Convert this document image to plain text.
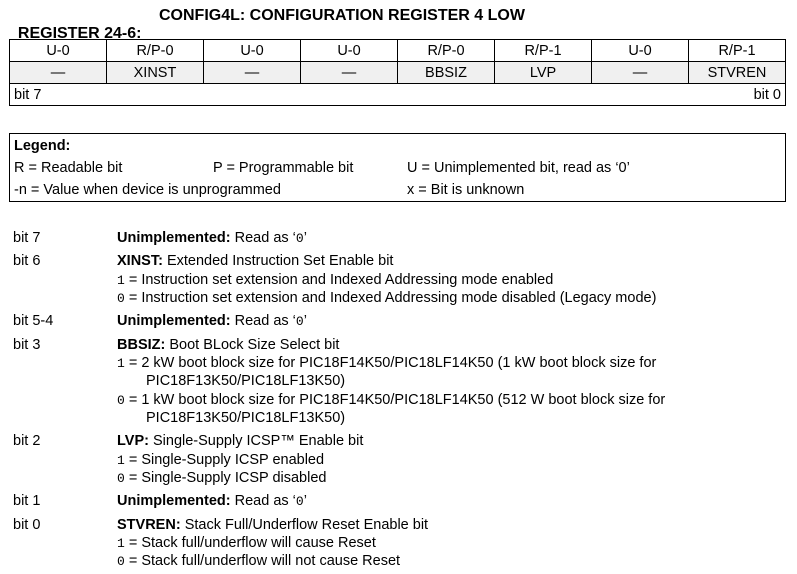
REGISTER 24-6:

CONFIG4L: CONFIGURATION REGISTER 4 LOW

U-0	R/P-0	U-0	U-0	R/P-0	R/P-1	U-0	R/P-1
—	XINST	—	—	BBSIZ	LVP	—	STVREN
bit 7 bit 0							
Legend:
R = Readable bit	P = Programmable bit	U = Unimplemented bit, read as ‘0’
-n = Value when device is unprogrammed	x = Bit is unknown
bit 7	Unimplemented: Read as ‘0’
bit 6	XINST: Extended Instruction Set Enable bit
1 = Instruction set extension and Indexed Addressing mode enabled
0 = Instruction set extension and Indexed Addressing mode disabled (Legacy mode)
bit 5-4	Unimplemented: Read as ‘0’
bit 3	BBSIZ: Boot BLock Size Select bit
1 = 2 kW boot block size for PIC18F14K50/PIC18LF14K50 (1 kW boot block size for
PIC18F13K50/PIC18LF13K50)
0 = 1 kW boot block size for PIC18F14K50/PIC18LF14K50 (512 W boot block size for
PIC18F13K50/PIC18LF13K50)
bit 2	LVP: Single-Supply ICSP™ Enable bit
1 = Single-Supply ICSP enabled
0 = Single-Supply ICSP disabled
bit 1	Unimplemented: Read as ‘0’
bit 0	STVREN: Stack Full/Underflow Reset Enable bit
1 = Stack full/underflow will cause Reset
0 = Stack full/underflow will not cause Reset
